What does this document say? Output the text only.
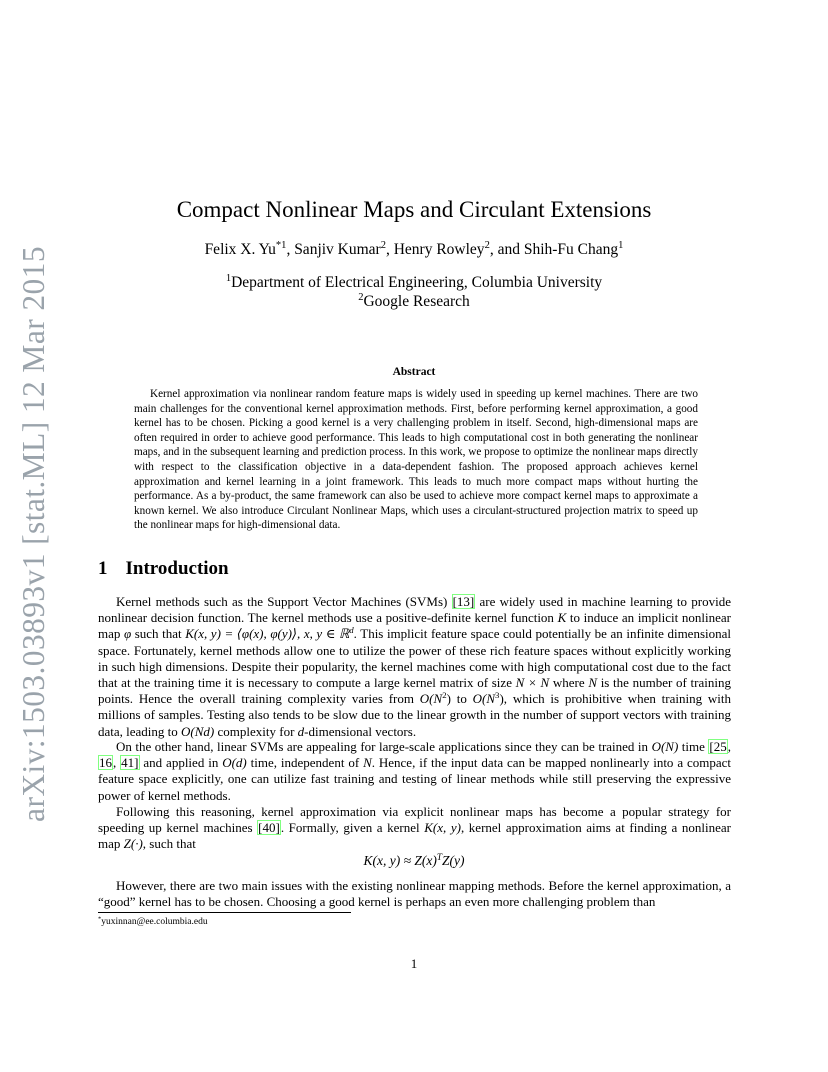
arXiv:1503.03893v1 [stat.ML] 12 Mar 2015
Compact Nonlinear Maps and Circulant Extensions
Felix X. Yu$^{*1}$, Sanjiv Kumar$^2$, Henry Rowley$^2$, and Shih-Fu Chang$^1$
$^1$Department of Electrical Engineering, Columbia University
$^2$Google Research
Abstract

Kernel approximation via nonlinear random feature maps is widely used in speeding up kernel machines. There are two main challenges for the conventional kernel approximation methods. First, before performing kernel approximation, a good kernel has to be chosen. Picking a good kernel is a very challenging problem in itself. Second, high-dimensional maps are often required in order to achieve good performance. This leads to high computational cost in both generating the nonlinear maps, and in the subsequent learning and prediction process. In this work, we propose to optimize the nonlinear maps directly with respect to the classification objective in a data-dependent fashion. The proposed approach achieves kernel approximation and kernel learning in a joint framework. This leads to much more compact maps without hurting the performance. As a by-product, the same framework can also be used to achieve more compact kernel maps to approximate a known kernel. We also introduce Circulant Nonlinear Maps, which uses a circulant-structured projection matrix to speed up the nonlinear maps for high-dimensional data.

1 Introduction

Kernel methods such as the Support Vector Machines (SVMs) [13] are widely used in machine learning to provide nonlinear decision function. The kernel methods use a positive-definite kernel function K to induce an implicit nonlinear map φ such that K(x, y) = ⟨φ(x), φ(y)⟩, x, y ∈ ℝ$^d$. This implicit feature space could potentially be an infinite dimensional space. Fortunately, kernel methods allow one to utilize the power of these rich feature spaces without explicitly working in such high dimensions. Despite their popularity, the kernel machines come with high computational cost due to the fact that at the training time it is necessary to compute a large kernel matrix of size N × N where N is the number of training points. Hence the overall training complexity varies from $O(N^2)$ to $O(N^3)$, which is prohibitive when training with millions of samples. Testing also tends to be slow due to the linear growth in the number of support vectors with training data, leading to O(Nd) complexity for d-dimensional vectors.

On the other hand, linear SVMs are appealing for large-scale applications since they can be trained in O(N) time [25, 16, 41] and applied in O(d) time, independent of N. Hence, if the input data can be mapped nonlinearly into a compact feature space explicitly, one can utilize fast training and testing of linear methods while still preserving the expressive power of kernel methods.

Following this reasoning, kernel approximation via explicit nonlinear maps has become a popular strategy for speeding up kernel machines [40]. Formally, given a kernel K(x, y), kernel approximation aims at finding a nonlinear map Z(·), such that

K(x, $y) \approx Z(x)^TZ(y)$

However, there are two main issues with the existing nonlinear mapping methods. Before the kernel approximation, a “good” kernel has to be chosen. Choosing a good kernel is perhaps an even more challenging problem than

*yuxinnan@ee.columbia.edu
1
